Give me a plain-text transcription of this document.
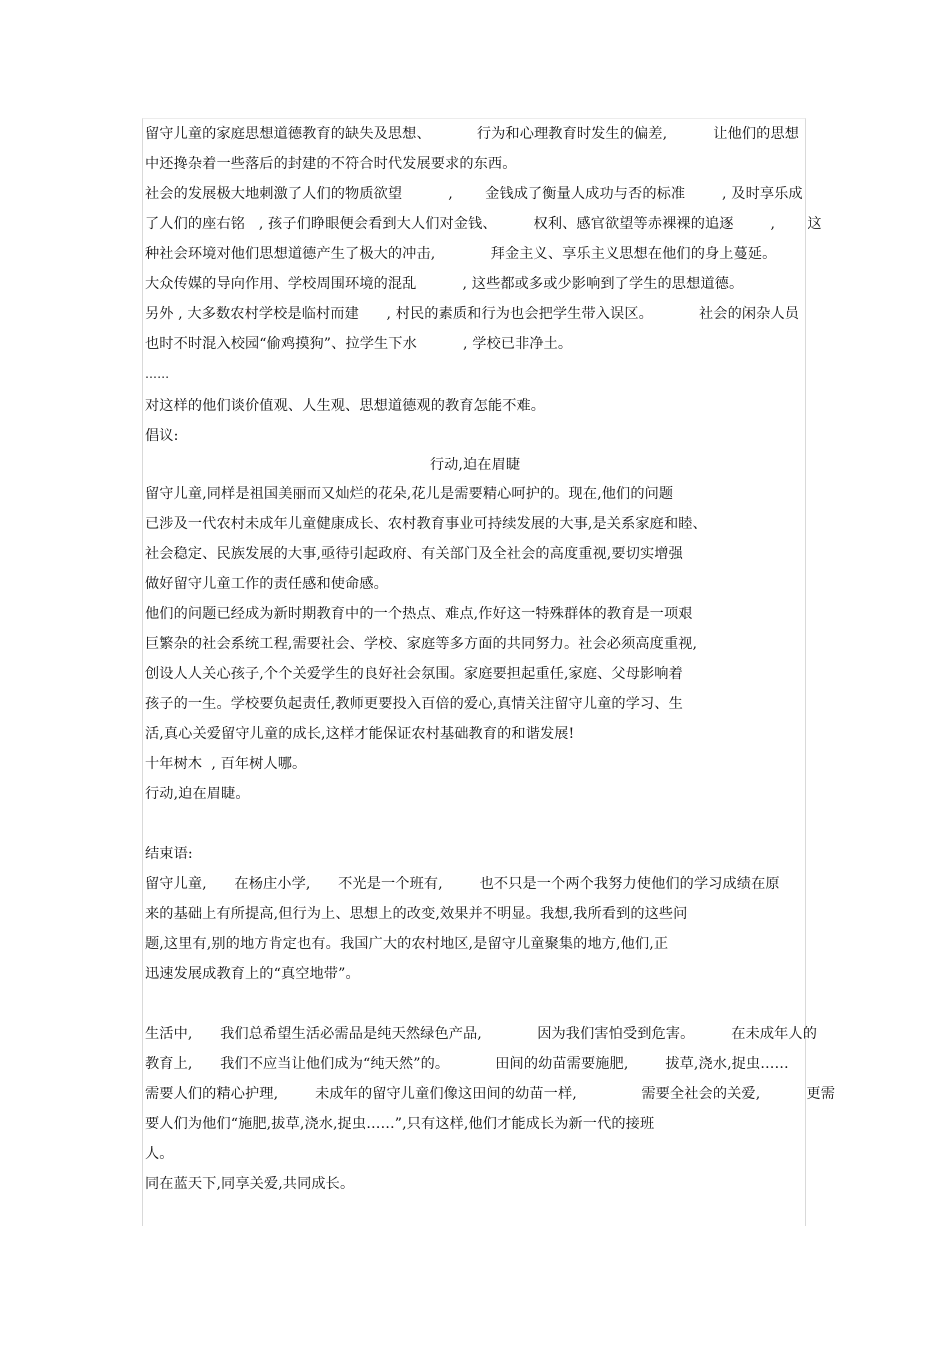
留守儿童的家庭思想道德教育的缺失及思想、          行为和心理教育时发生的偏差,          让他们的思想
中还搀杂着一些落后的封建的不符合时代发展要求的东西。
社会的发展极大地刺激了人们的物质欲望          ,       金钱成了衡量人成功与否的标准        , 及时享乐成
了人们的座右铭   , 孩子们睁眼便会看到大人们对金钱、        权利、感官欲望等赤裸裸的追逐        ,       这
种社会环境对他们思想道德产生了极大的冲击,            拜金主义、享乐主义思想在他们的身上蔓延。
大众传媒的导向作用、学校周围环境的混乱          , 这些都或多或少影响到了学生的思想道德。
另外 , 大多数农村学校是临村而建      , 村民的素质和行为也会把学生带入误区。          社会的闲杂人员
也时不时混入校园“偷鸡摸狗”、拉学生下水          , 学校已非净土。
……
对这样的他们谈价值观、人生观、思想道德观的教育怎能不难。
倡议:
行动,迫在眉睫
留守儿童,同样是祖国美丽而又灿烂的花朵,花儿是需要精心呵护的。现在,他们的问题
已涉及一代农村未成年儿童健康成长、农村教育事业可持续发展的大事,是关系家庭和睦、
社会稳定、民族发展的大事,亟待引起政府、有关部门及全社会的高度重视,要切实增强
做好留守儿童工作的责任感和使命感。
他们的问题已经成为新时期教育中的一个热点、难点,作好这一特殊群体的教育是一项艰
巨繁杂的社会系统工程,需要社会、学校、家庭等多方面的共同努力。社会必须高度重视,
创设人人关心孩子,个个关爱学生的良好社会氛围。家庭要担起重任,家庭、父母影响着
孩子的一生。学校要负起责任,教师更要投入百倍的爱心,真情关注留守儿童的学习、生
活,真心关爱留守儿童的成长,这样才能保证农村基础教育的和谐发展!
十年树木  , 百年树人哪。
行动,迫在眉睫。
结束语:
留守儿童,      在杨庄小学,      不光是一个班有,        也不只是一个两个我努力使他们的学习成绩在原
来的基础上有所提高,但行为上、思想上的改变,效果并不明显。我想,我所看到的这些问
题,这里有,别的地方肯定也有。我国广大的农村地区,是留守儿童聚集的地方,他们,正
迅速发展成教育上的“真空地带”。
生活中,      我们总希望生活必需品是纯天然绿色产品,            因为我们害怕受到危害。        在未成年人的
教育上,      我们不应当让他们成为“纯天然”的。          田间的幼苗需要施肥,        拔草,浇水,捉虫……
需要人们的精心护理,        未成年的留守儿童们像这田间的幼苗一样,              需要全社会的关爱,          更需
要人们为他们“施肥,拔草,浇水,捉虫……”,只有这样,他们才能成长为新一代的接班
人。
同在蓝天下,同享关爱,共同成长。
